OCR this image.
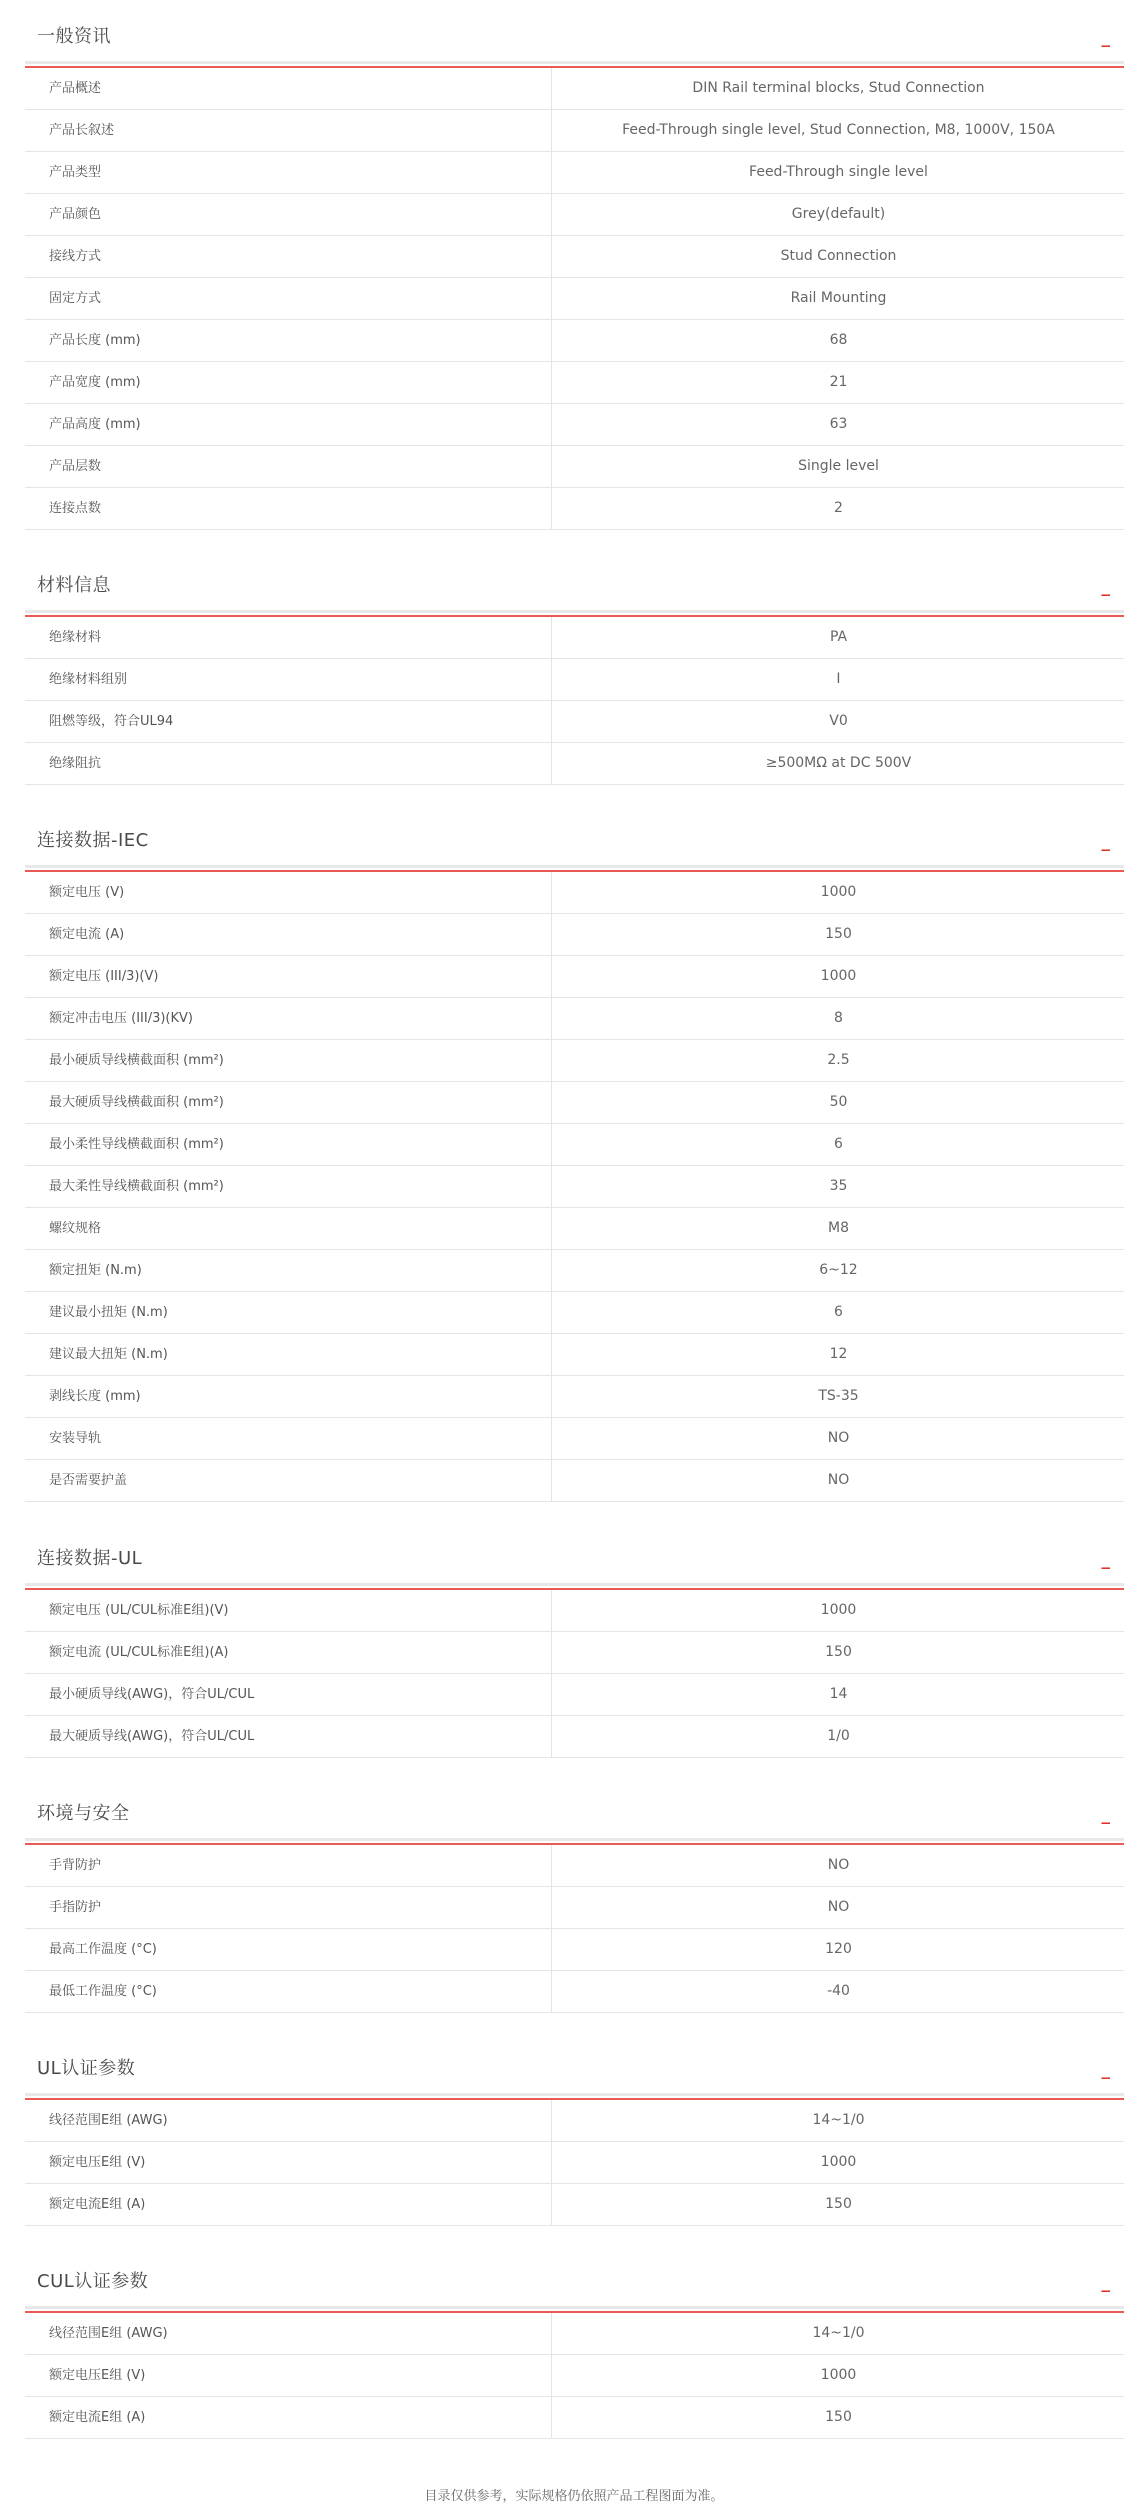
一般资讯	_
产品概述	DIN Rail terminal blocks, Stud Connection
产品长叙述	Feed-Through single level, Stud Connection, M8, 1000V, 150A
产品类型	Feed-Through single level
产品颜色	Grey(default)
接线方式	Stud Connection
固定方式	Rail Mounting
产品长度 (mm)	68
产品宽度 (mm)	21
产品高度 (mm)	63
产品层数	Single level
连接点数	2
材料信息	_
绝缘材料	PA
绝缘材料组别	I
阻燃等级，符合UL94	V0
绝缘阻抗	≥500MΩ at DC 500V
连接数据-IEC	_
额定电压 (V)	1000
额定电流 (A)	150
额定电压 (III/3)(V)	1000
额定冲击电压 (III/3)(KV)	8
最小硬质导线横截面积 (mm²)	2.5
最大硬质导线横截面积 (mm²)	50
最小柔性导线横截面积 (mm²)	6
最大柔性导线横截面积 (mm²)	35
螺纹规格	M8
额定扭矩 (N.m)	6~12
建议最小扭矩 (N.m)	6
建议最大扭矩 (N.m)	12
剥线长度 (mm)	TS-35
安装导轨	NO
是否需要护盖	NO
连接数据-UL	_
额定电压 (UL/CUL标准E组)(V)	1000
额定电流 (UL/CUL标准E组)(A)	150
最小硬质导线(AWG)，符合UL/CUL	14
最大硬质导线(AWG)，符合UL/CUL	1/0
环境与安全	_
手背防护	NO
手指防护	NO
最高工作温度 (°C)	120
最低工作温度 (°C)	-40
UL认证参数	_
线径范围E组 (AWG)	14~1/0
额定电压E组 (V)	1000
额定电流E组 (A)	150
CUL认证参数	_
线径范围E组 (AWG)	14~1/0
额定电压E组 (V)	1000
额定电流E组 (A)	150
目录仅供参考，实际规格仍依照产品工程图面为准。
